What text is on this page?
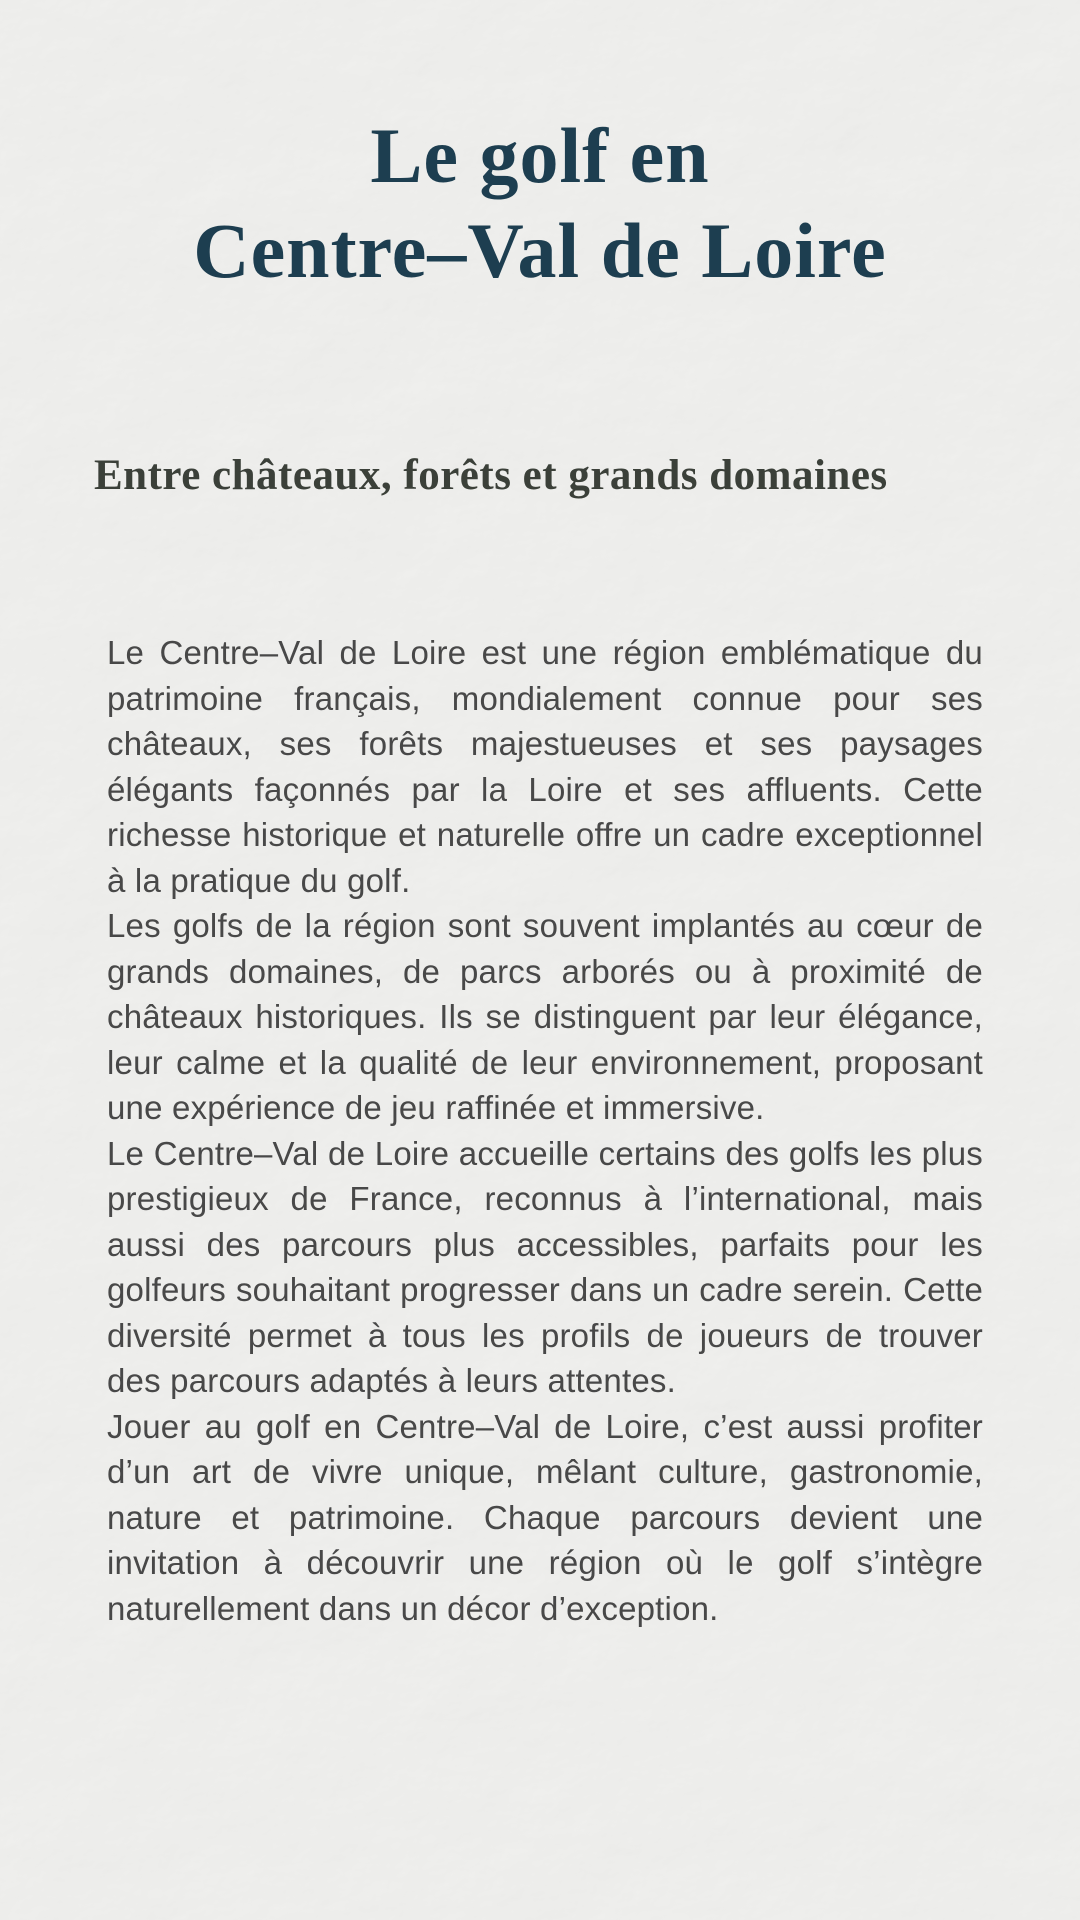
Le golf en
Centre–Val de Loire
Entre châteaux, forêts et grands domaines

Le Centre–Val de Loire est une région emblématique du patrimoine français, mondialement connue pour ses châteaux, ses forêts majestueuses et ses paysages élégants façonnés par la Loire et ses affluents. Cette richesse historique et naturelle offre un cadre exceptionnel à la pratique du golf.

Les golfs de la région sont souvent implantés au cœur de grands domaines, de parcs arborés ou à proximité de châteaux historiques. Ils se distinguent par leur élégance, leur calme et la qualité de leur environnement, proposant une expérience de jeu raffinée et immersive.

Le Centre–Val de Loire accueille certains des golfs les plus prestigieux de France, reconnus à l’international, mais aussi des parcours plus accessibles, parfaits pour les golfeurs souhaitant progresser dans un cadre serein. Cette diversité permet à tous les profils de joueurs de trouver des parcours adaptés à leurs attentes.

Jouer au golf en Centre–Val de Loire, c’est aussi profiter d’un art de vivre unique, mêlant culture, gastronomie, nature et patrimoine. Chaque parcours devient une invitation à découvrir une région où le golf s’intègre naturellement dans un décor d’exception.
